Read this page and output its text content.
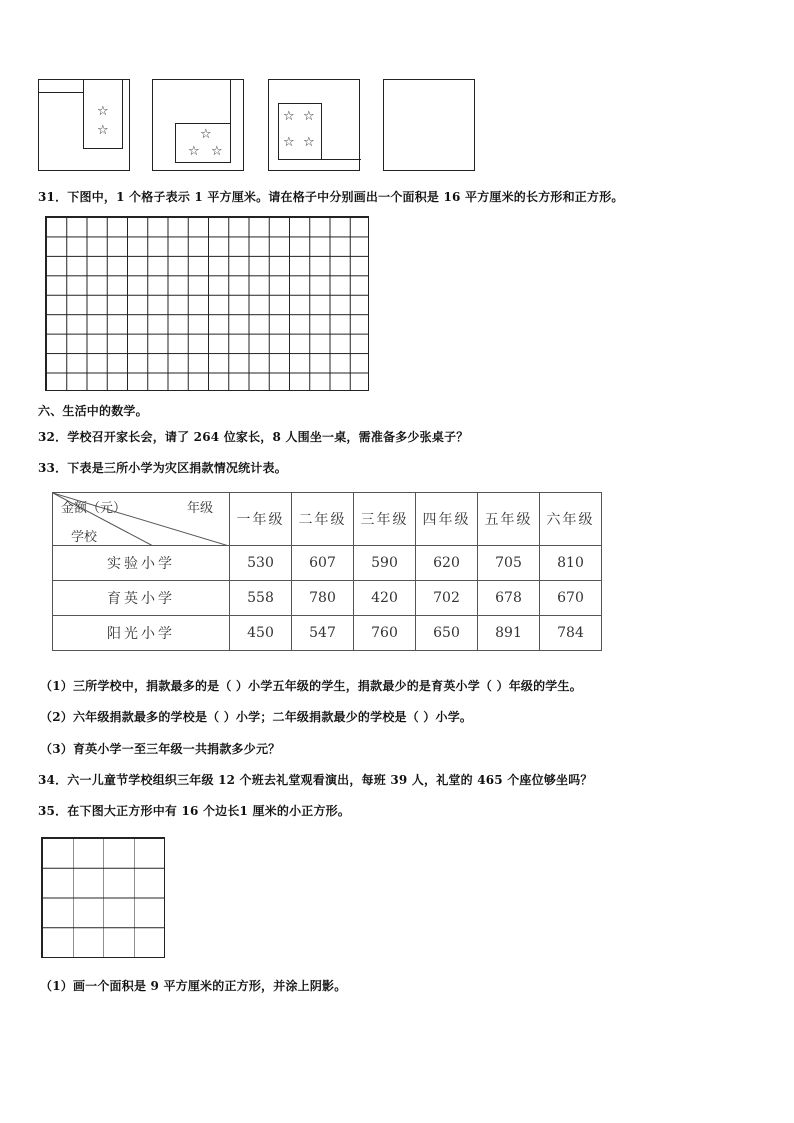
☆
☆	☆
☆ ☆
☆ ☆
☆ ☆
31．下图中，1 个格子表示 1 平方厘米。请在格子中分别画出一个面积是 16 平方厘米的长方形和正方形。
六、生活中的数学。
32．学校召开家长会，请了 264 位家长，8 人围坐一桌，需准备多少张桌子？
33．下表是三所小学为灾区捐款情况统计表。
金额（元） 年级
学校	一年级	二年级	三年级	四年级	五年级	六年级
实验小学	530	607	590	620	705	810
育英小学	558	780	420	702	678	670
阳光小学	450	547	760	650	891	784
（1）三所学校中，捐款最多的是（ ）小学五年级的学生，捐款最少的是育英小学（ ）年级的学生。
（2）六年级捐款最多的学校是（ ）小学；二年级捐款最少的学校是（ ）小学。
（3）育英小学一至三年级一共捐款多少元？
34．六一儿童节学校组织三年级 12 个班去礼堂观看演出，每班 39 人，礼堂的 465 个座位够坐吗？
35．在下图大正方形中有 16 个边长1 厘米的小正方形。
（1）画一个面积是 9 平方厘米的正方形，并涂上阴影。
